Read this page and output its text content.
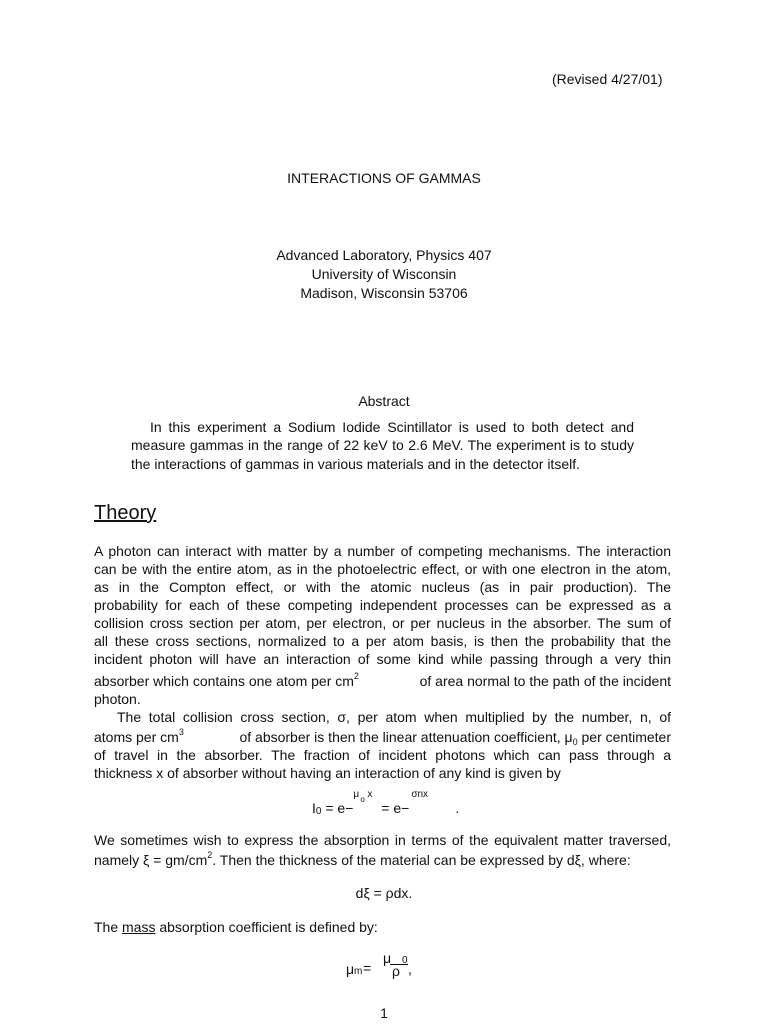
(Revised 4/27/01)
INTERACTIONS OF GAMMAS
Advanced Laboratory, Physics 407
University of Wisconsin
Madison, Wisconsin 53706
Abstract
In this experiment a Sodium Iodide Scintillator is used to both detect and
measure gammas in the range of 22 keV to 2.6 MeV. The experiment is to study
the interactions of gammas in various materials and in the detector itself.
Theory
A photon can interact with matter by a number of competing mechanisms. The interaction
can be with the entire atom, as in the photoelectric effect, or with one electron in the atom,
as in the Compton effect, or with the atomic nucleus (as in pair production). The
probability for each of these competing independent processes can be expressed as a
collision cross section per atom, per electron, or per nucleus in the absorber. The sum of
all these cross sections, normalized to a per atom basis, is then the probability that the
incident photon will have an interaction of some kind while passing through a very thin
absorber which contains one atom per $cm^2$	of area normal to the path of the incident
photon.
The total collision cross section, σ, per atom when multiplied by the number, n, of
atoms per $cm^3$	of absorber is then the linear attenuation coefficient, $\mu_0$ per centimeter
of travel in the absorber. The fraction of incident photons which can pass through a
thickness x of absorber without having an interaction of any kind is given by
I0 = e−
μ o x
= e−
σnx
.
We sometimes wish to express the absorption in terms of the equivalent matter traversed,
namely $\xi = gm/cm^2$. Then the thickness of the material can be expressed by dξ, where:
dξ = ρdx.
The mass absorption coefficient is defined by:
μ m =
μ 0
ρ ,
1
